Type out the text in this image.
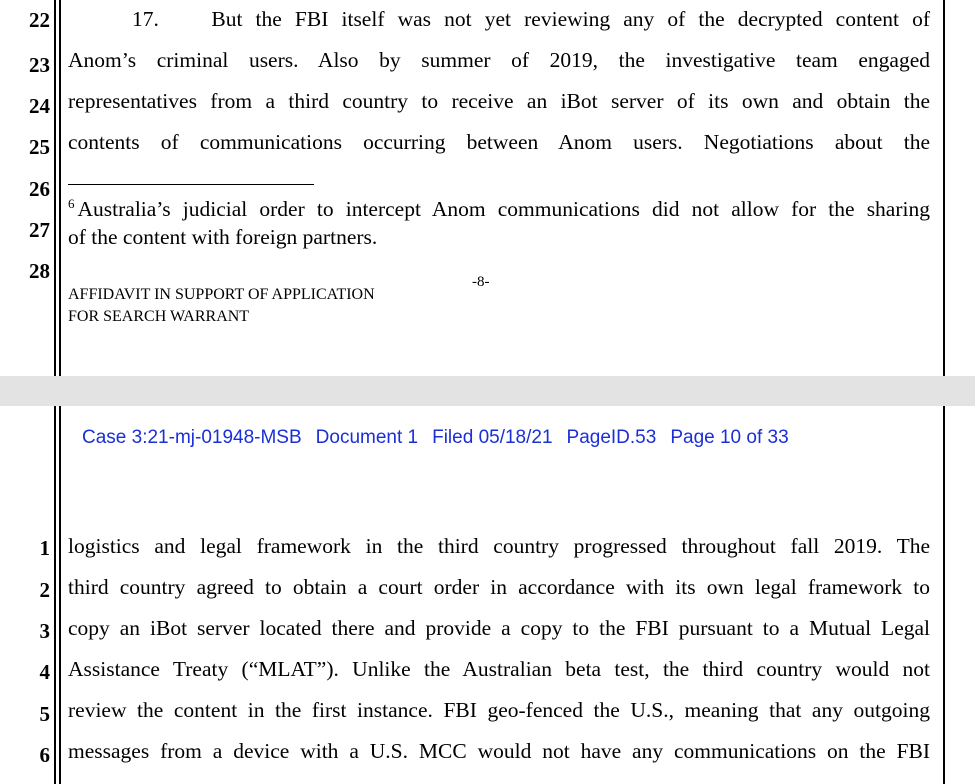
22
23
24
25
26
27
28
17.    But the FBI itself was not yet reviewing any of the decrypted content of
Anom’s criminal users. Also by summer of 2019, the investigative team engaged
representatives from a third country to receive an iBot server of its own and obtain the
contents of communications occurring between Anom users. Negotiations about the
$^6$ Australia’s judicial order to intercept Anom communications did not allow for the sharing
of the content with foreign partners.
AFFIDAVIT IN SUPPORT OF APPLICATION
FOR SEARCH WARRANT
-8-
Case 3:21-mj-01948-MSB Document 1 Filed 05/18/21 PageID.53 Page 10 of 33
1
2
3
4
5
6
logistics and legal framework in the third country progressed throughout fall 2019. The
third country agreed to obtain a court order in accordance with its own legal framework to
copy an iBot server located there and provide a copy to the FBI pursuant to a Mutual Legal
Assistance Treaty (“MLAT”). Unlike the Australian beta test, the third country would not
review the content in the first instance. FBI geo-fenced the U.S., meaning that any outgoing
messages from a device with a U.S. MCC would not have any communications on the FBI
